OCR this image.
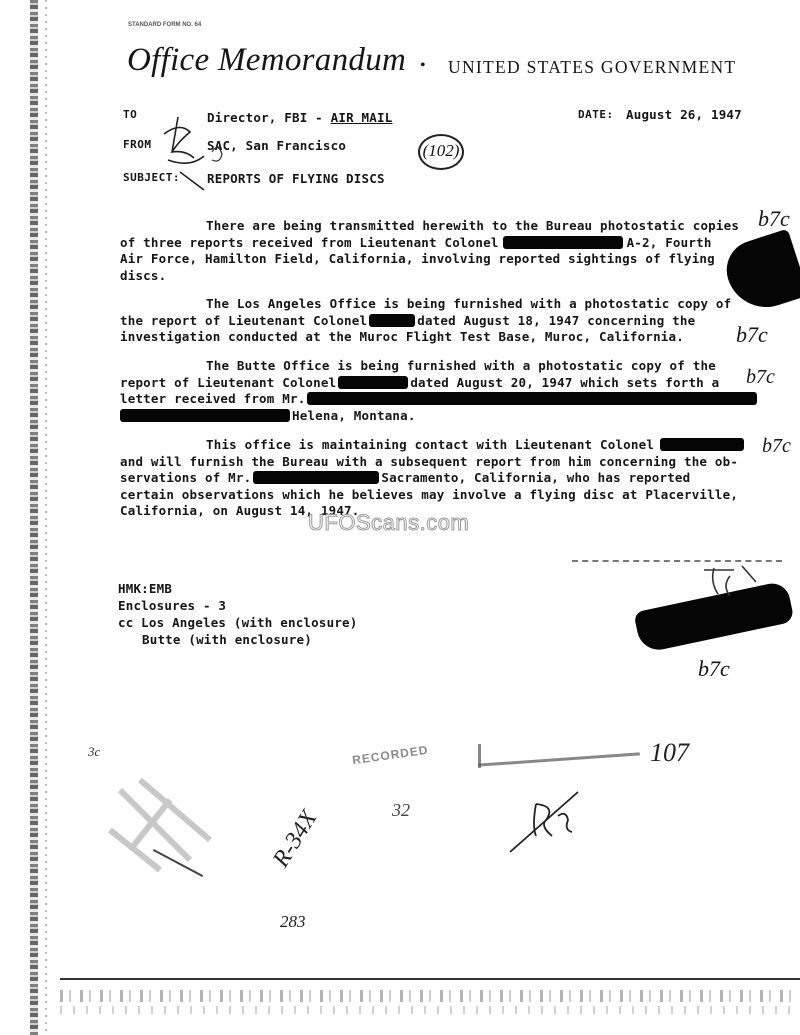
STANDARD FORM NO. 64
Office Memorandum • UNITED STATES GOVERNMENT
TO	Director, FBI - AIR MAIL	DATE: August 26, 1947
FROM	SAC, San Francisco
SUBJECT: REPORTS OF FLYING DISCS
(102)
There are being transmitted herewith to the Bureau photostatic copies
of three reports received from Lieutenant Colonel	A-2, Fourth
Air Force, Hamilton Field, California, involving reported sightings of flying
discs.
The Los Angeles Office is being furnished with a photostatic copy of
the report of Lieutenant Colonel	dated August 18, 1947 concerning the
investigation conducted at the Muroc Flight Test Base, Muroc, California.
The Butte Office is being furnished with a photostatic copy of the
report of Lieutenant Colonel	dated August 20, 1947 which sets forth a
letter received from Mr.
Helena, Montana.
This office is maintaining contact with Lieutenant Colonel
and will furnish the Bureau with a subsequent report from him concerning the ob-
servations of Mr.	Sacramento, California, who has reported
certain observations which he believes may involve a flying disc at Placerville,
California, on August 14, 1947.
UFOScans.com
b7c
b7c
b7c
b7c
b7c
HMK:EMB
Enclosures - 3
cc Los Angeles (with enclosure)
Butte (with enclosure)
RECORDED	107
32
3c
R-34X
283
